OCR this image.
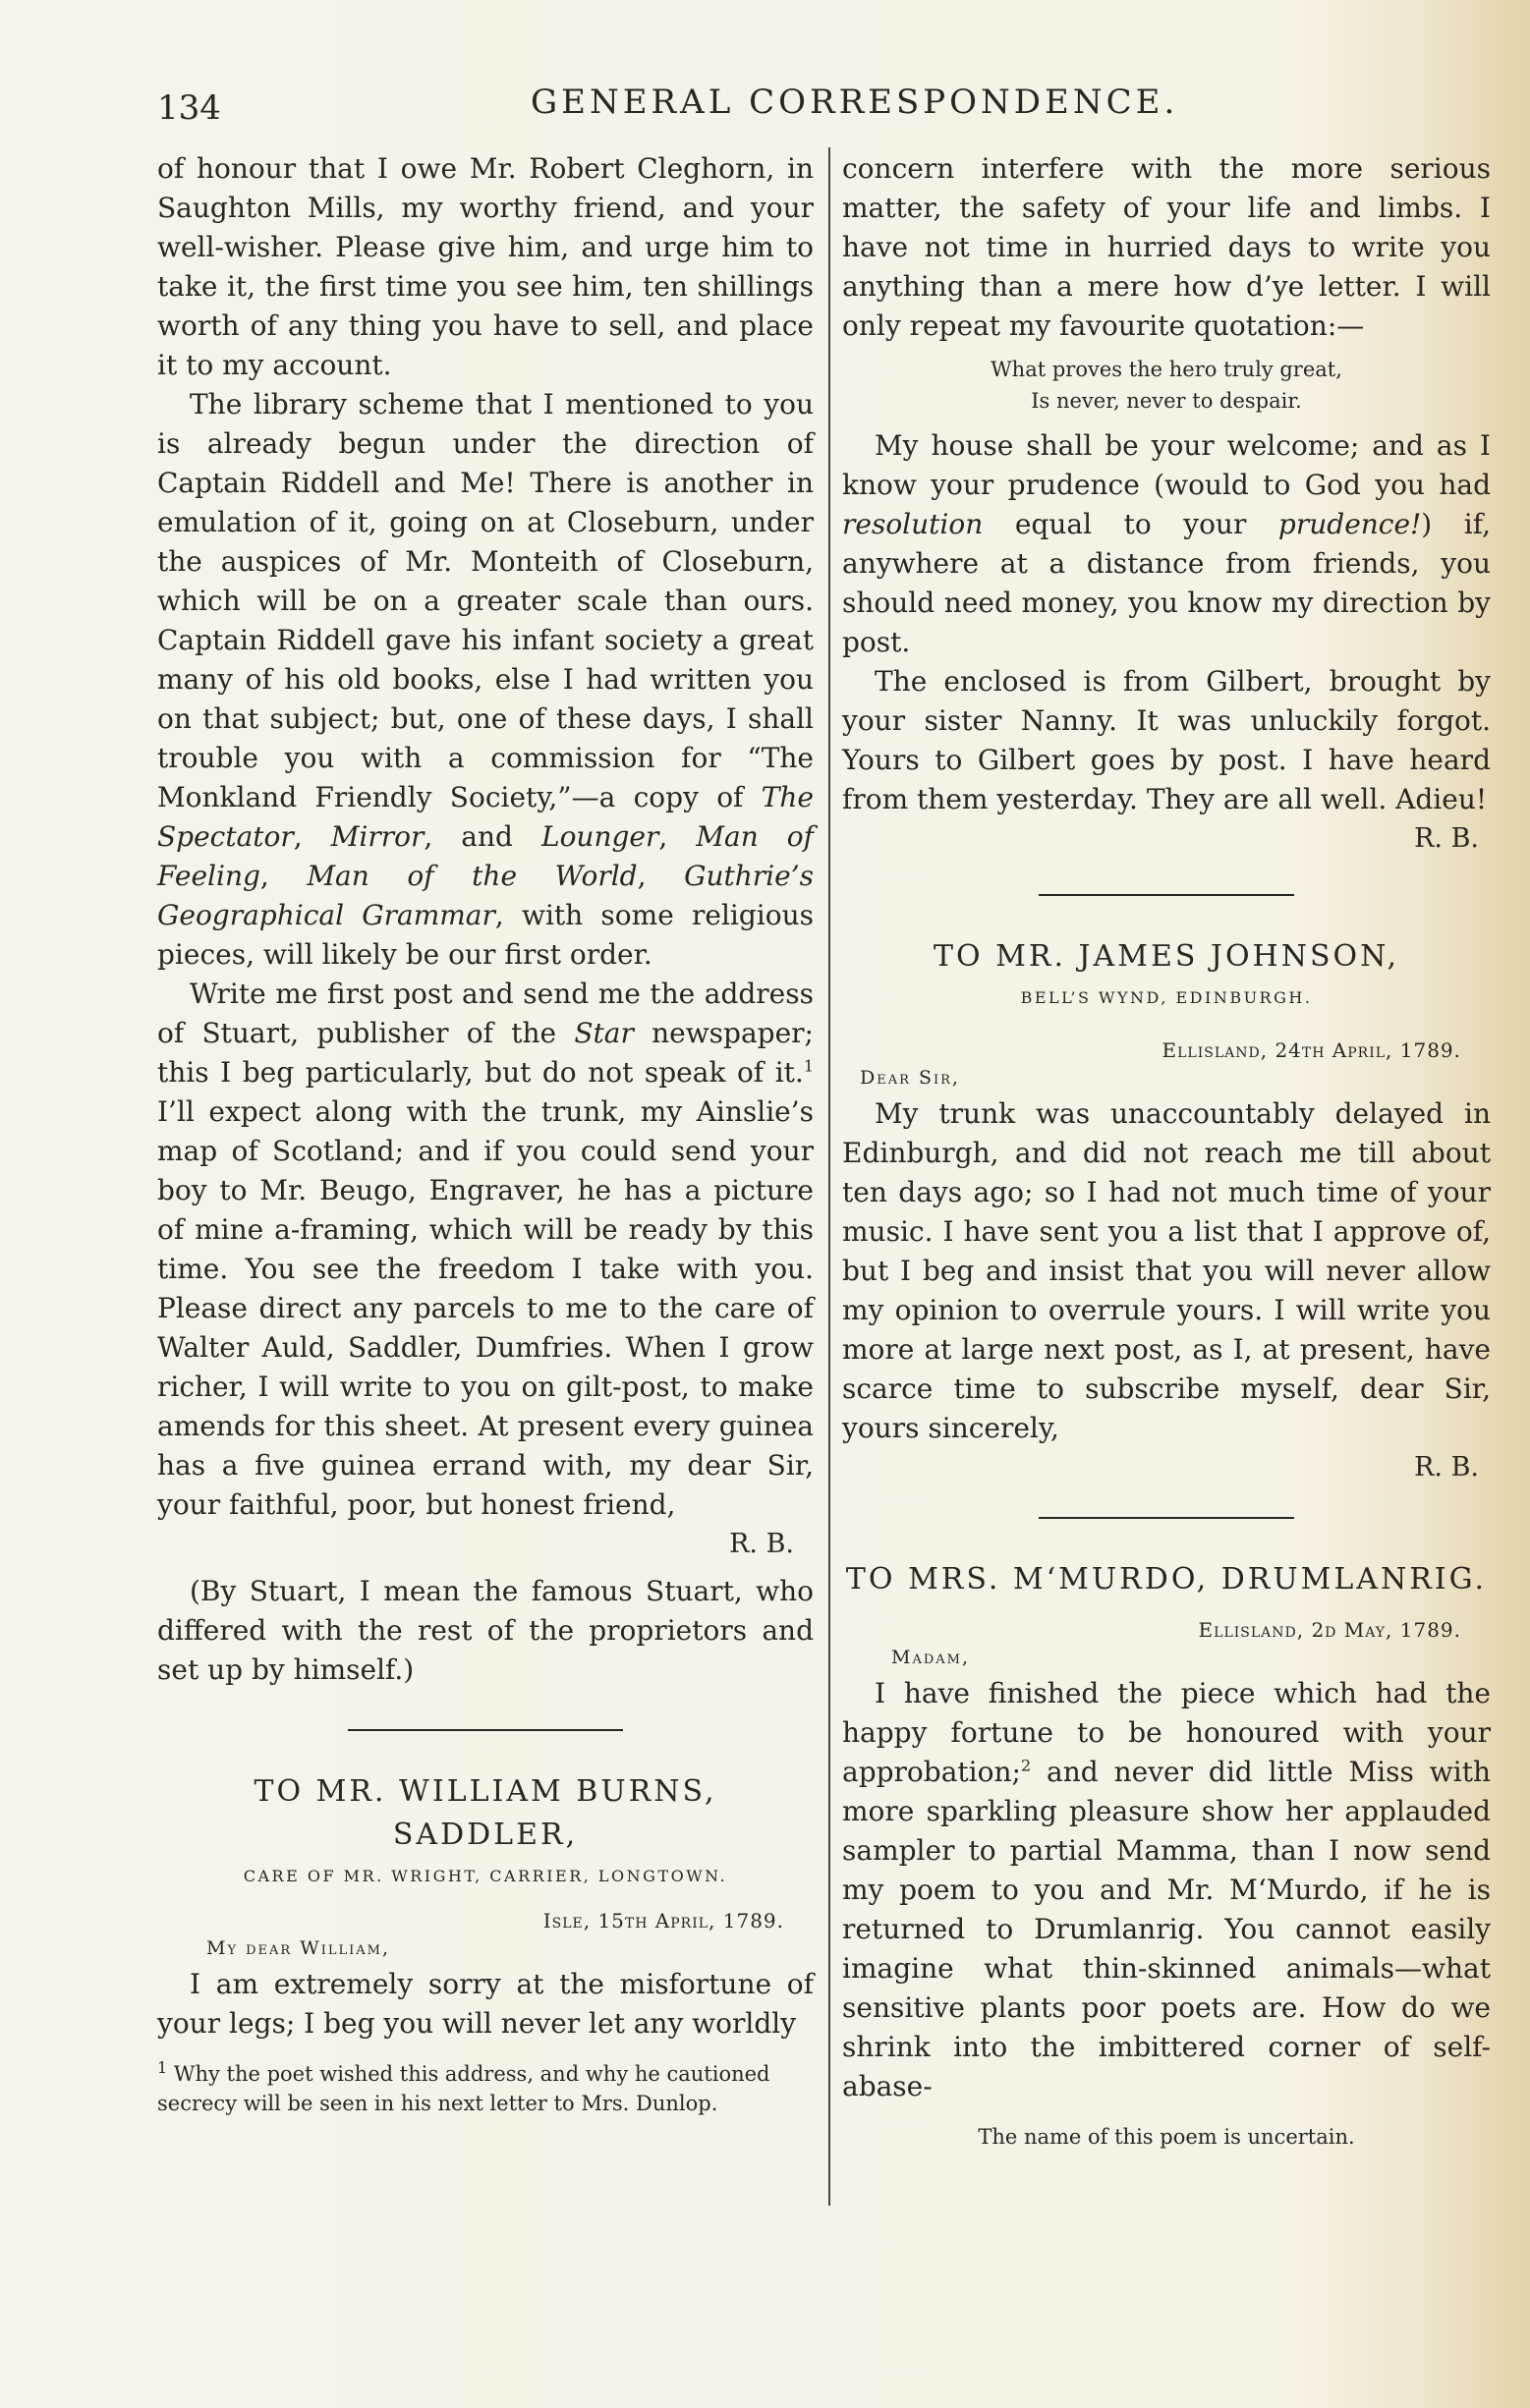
134	GENERAL CORRESPONDENCE.

of honour that I owe Mr. Robert Cleghorn, in Saughton Mills, my worthy friend, and your well-wisher. Please give him, and urge him to take it, the first time you see him, ten shillings worth of any thing you have to sell, and place it to my account.

The library scheme that I mentioned to you is already begun under the direction of Captain Riddell and Me! There is another in emulation of it, going on at Closeburn, under the auspices of Mr. Monteith of Closeburn, which will be on a greater scale than ours. Captain Riddell gave his infant society a great many of his old books, else I had written you on that subject; but, one of these days, I shall trouble you with a commission for “The Monkland Friendly Society,”—a copy of The Spectator, Mirror, and Lounger, Man of Feeling, Man of the World, Guthrie’s Geographical Grammar, with some religious pieces, will likely be our first order.

Write me first post and send me the address of Stuart, publisher of the Star newspaper; this I beg particularly, but do not speak of it.$^1$ I’ll expect along with the trunk, my Ainslie’s map of Scotland; and if you could send your boy to Mr. Beugo, Engraver, he has a picture of mine a-framing, which will be ready by this time. You see the freedom I take with you. Please direct any parcels to me to the care of Walter Auld, Saddler, Dumfries. When I grow richer, I will write to you on gilt-post, to make amends for this sheet. At present every guinea has a five guinea errand with, my dear Sir, your faithful, poor, but honest friend,

R. B.

(By Stuart, I mean the famous Stuart, who differed with the rest of the proprietors and set up by himself.)

TO MR. WILLIAM BURNS, SADDLER,
CARE OF MR. WRIGHT, CARRIER, LONGTOWN.
Isle, 15th April, 1789.
My dear William,

I am extremely sorry at the misfortune of your legs; I beg you will never let any worldly

$^1$ Why the poet wished this address, and why he cautioned secrecy will be seen in his next letter to Mrs. Dunlop.

concern interfere with the more serious matter, the safety of your life and limbs. I have not time in hurried days to write you anything than a mere how d’ye letter. I will only repeat my favourite quotation:—

What proves the hero truly great,
Is never, never to despair.

My house shall be your welcome; and as I know your prudence (would to God you had resolution equal to your prudence!) if, anywhere at a distance from friends, you should need money, you know my direction by post.

The enclosed is from Gilbert, brought by your sister Nanny. It was unluckily forgot. Yours to Gilbert goes by post. I have heard from them yesterday. They are all well. Adieu!

R. B.
TO MR. JAMES JOHNSON,
BELL’S WYND, EDINBURGH.
Ellisland, 24th April, 1789.
Dear Sir,

My trunk was unaccountably delayed in Edinburgh, and did not reach me till about ten days ago; so I had not much time of your music. I have sent you a list that I approve of, but I beg and insist that you will never allow my opinion to overrule yours. I will write you more at large next post, as I, at present, have scarce time to subscribe myself, dear Sir, yours sincerely,

R. B.
TO MRS. M‘MURDO, DRUMLANRIG.
Ellisland, 2d May, 1789.
Madam,

I have finished the piece which had the happy fortune to be honoured with your approbation;$^2$ and never did little Miss with more sparkling pleasure show her applauded sampler to partial Mamma, than I now send my poem to you and Mr. M‘Murdo, if he is returned to Drumlanrig. You cannot easily imagine what thin-skinned animals—what sensitive plants poor poets are. How do we shrink into the imbittered corner of self-abase-

The name of this poem is uncertain.
